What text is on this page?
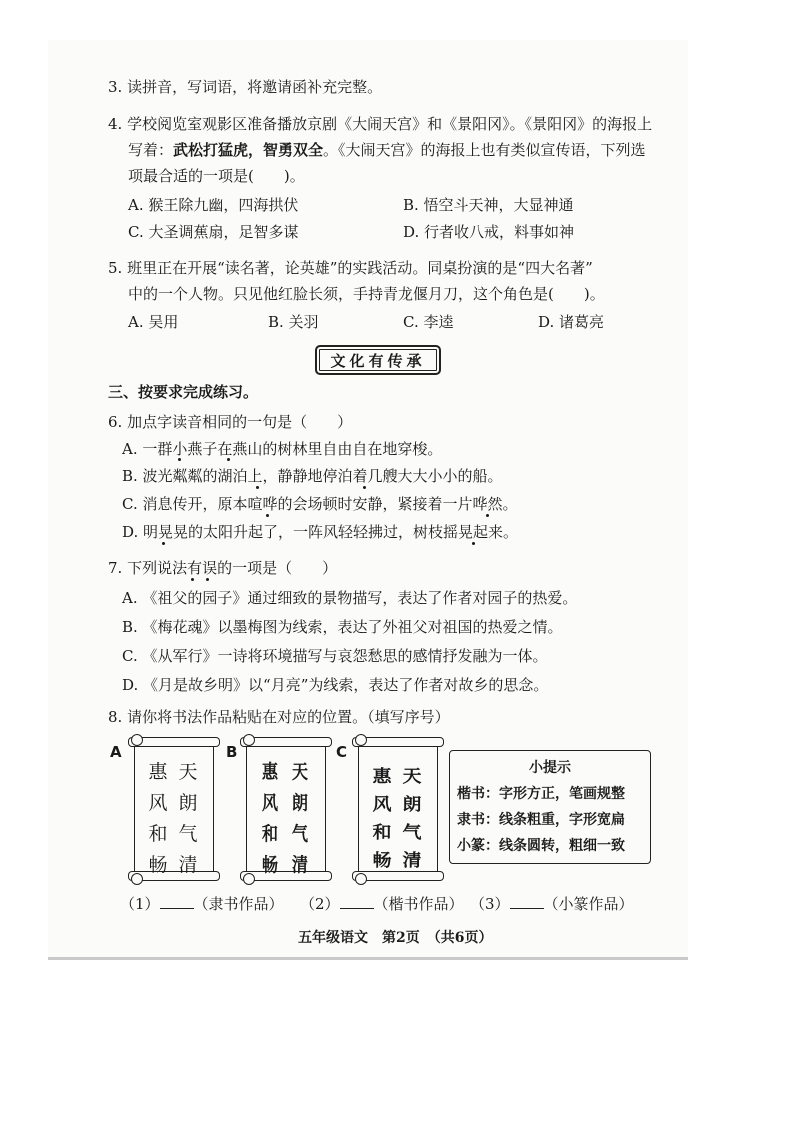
3. 读拼音，写词语，将邀请函补充完整。
4. 学校阅览室观影区准备播放京剧《大闹天宫》和《景阳冈》。《景阳冈》的海报上
写着：武松打猛虎，智勇双全。《大闹天宫》的海报上也有类似宣传语，下列选
项最合适的一项是(　　)。
A. 猴王除九幽，四海拱伏	B. 悟空斗天神，大显神通
C. 大圣调蕉扇，足智多谋	D. 行者收八戒，料事如神
5. 班里正在开展“读名著，论英雄”的实践活动。同桌扮演的是“四大名著”
中的一个人物。只见他红脸长须，手持青龙偃月刀，这个角色是(　　)。
A. 吴用	B. 关羽	C. 李逵	D. 诸葛亮
文化有传承
三、按要求完成练习。
6. 加点字读音相同的一句是（　　）
A. 一群小燕子在燕山的树林里自由自在地穿梭。
B. 波光粼粼的湖泊上，静静地停泊着几艘大大小小的船。
C. 消息传开，原本喧哗的会场顿时安静，紧接着一片哗然。
D. 明晃晃的太阳升起了，一阵风轻轻拂过，树枝摇晃起来。
7. 下列说法有误的一项是（　　）
A. 《祖父的园子》通过细致的景物描写，表达了作者对园子的热爱。
B. 《梅花魂》以墨梅图为线索，表达了外祖父对祖国的热爱之情。
C. 《从军行》一诗将环境描写与哀怨愁思的感情抒发融为一体。
D. 《月是故乡明》以“月亮”为线索，表达了作者对故乡的思念。
8. 请你将书法作品粘贴在对应的位置。（填写序号）
A
天朗气清
惠风和畅
B
天朗气清
惠风和畅
C
天朗气清
惠风和畅
小提示
楷书：字形方正，笔画规整
隶书：线条粗重，字形宽扁
小篆：线条圆转，粗细一致
（1） （隶书作品） （2） （楷书作品） （3） （小篆作品）
五年级语文　第2页　（共6页）
